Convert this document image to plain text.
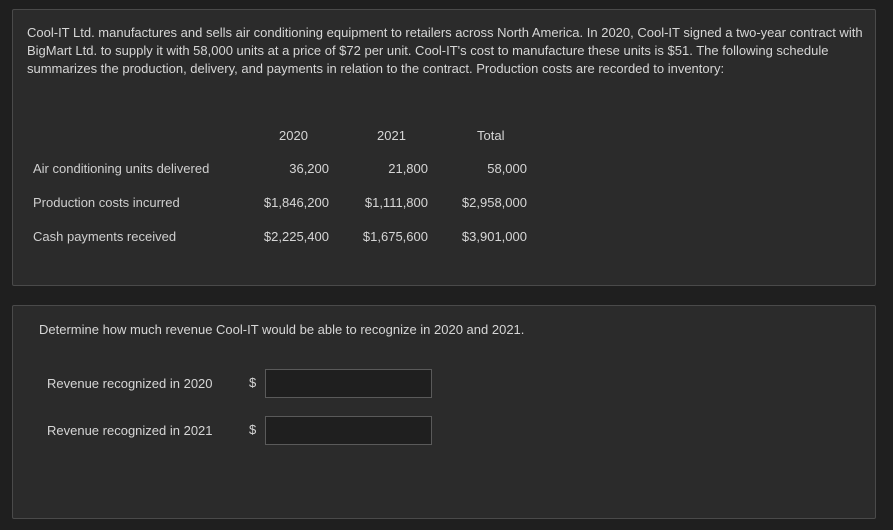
Cool-IT Ltd. manufactures and sells air conditioning equipment to retailers across North America. In 2020, Cool-IT signed a two-year contract with BigMart Ltd. to supply it with 58,000 units at a price of $72 per unit. Cool-IT's cost to manufacture these units is $51. The following schedule summarizes the production, delivery, and payments in relation to the contract. Production costs are recorded to inventory:
2020	2021	Total
Air conditioning units delivered	36,200	21,800	58,000
Production costs incurred	$1,846,200	$1,111,800	$2,958,000
Cash payments received	$2,225,400	$1,675,600	$3,901,000
Determine how much revenue Cool-IT would be able to recognize in 2020 and 2021.
Revenue recognized in 2020	$
Revenue recognized in 2021	$
